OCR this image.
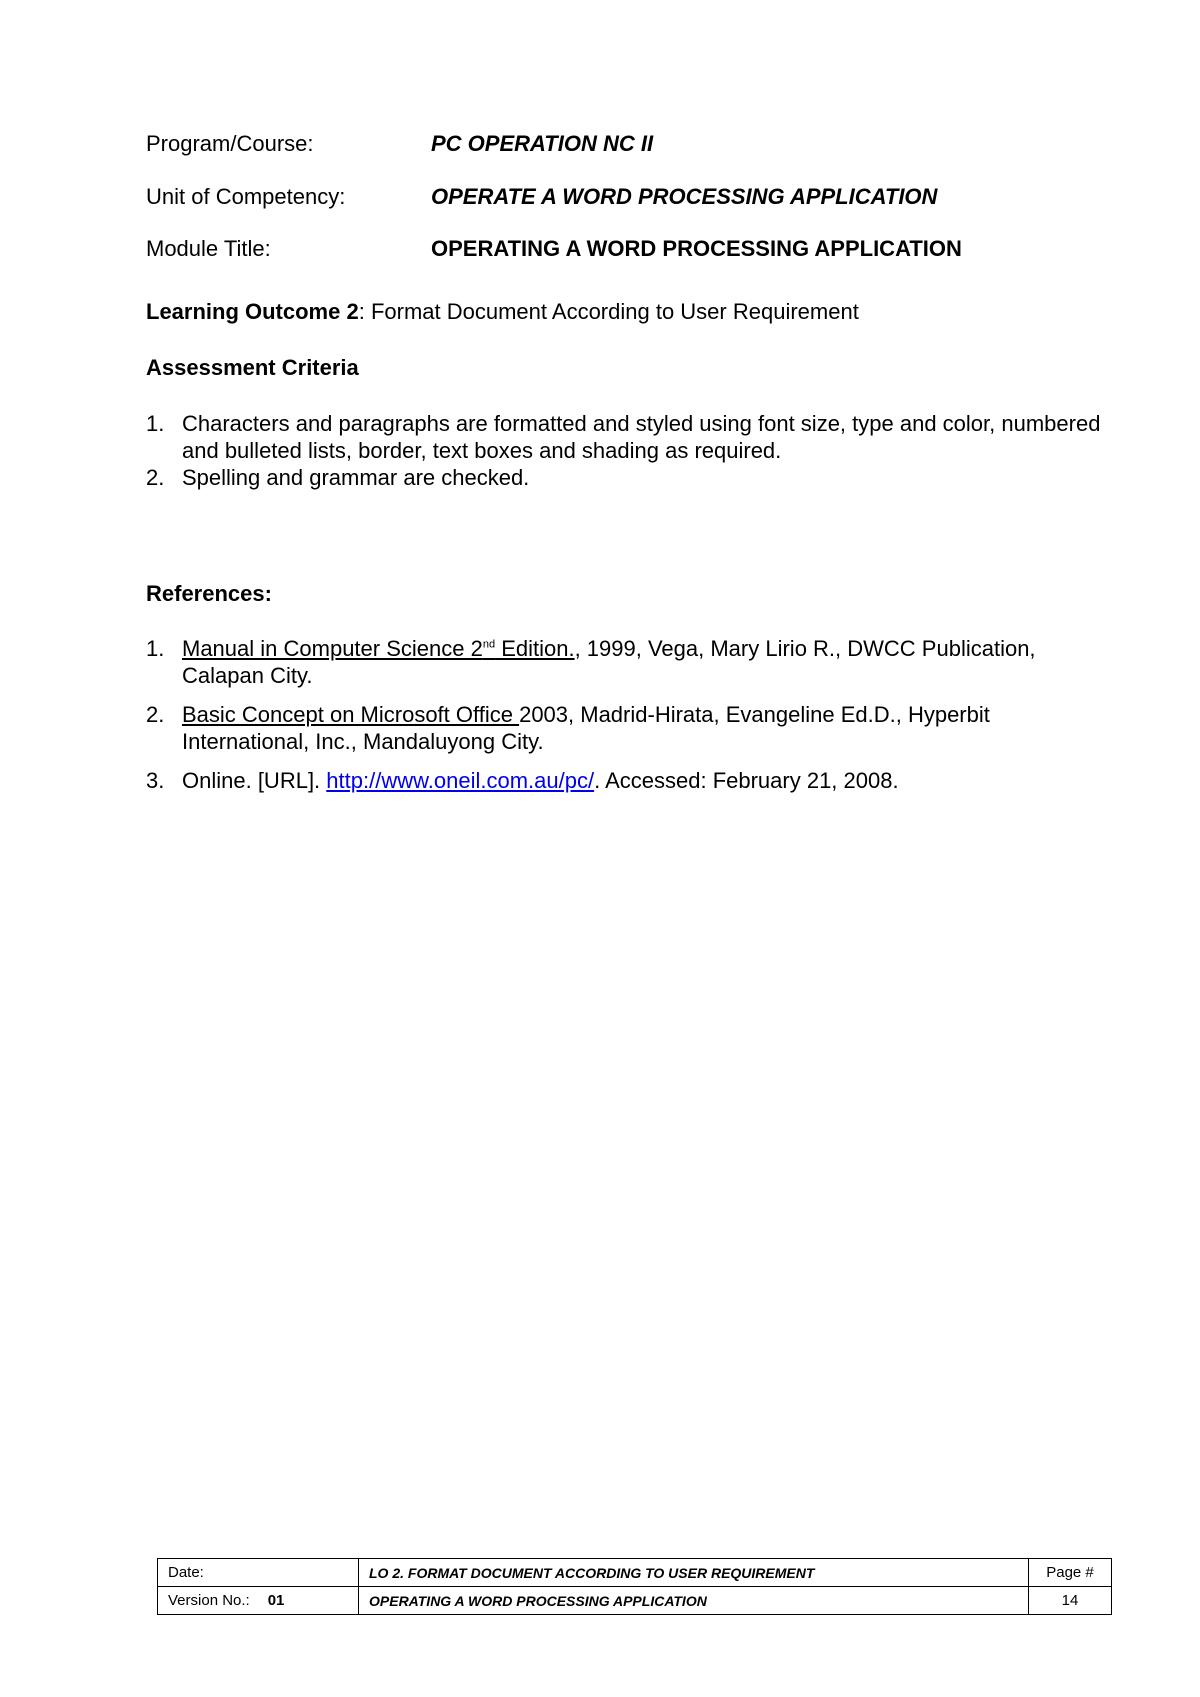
Program/Course:	PC OPERATION NC II
Unit of Competency:	OPERATE A WORD PROCESSING APPLICATION
Module Title:	OPERATING A WORD PROCESSING APPLICATION
Learning Outcome 2: Format Document According to User Requirement
Assessment Criteria
1. Characters and paragraphs are formatted and styled using font size, type and color, numbered and bulleted lists, border, text boxes and shading as required.
2. Spelling and grammar are checked.
References:
1. Manual in Computer Science 2nd Edition., 1999, Vega, Mary Lirio R., DWCC Publication, Calapan City.
2. Basic Concept on Microsoft Office 2003, Madrid-Hirata, Evangeline Ed.D., Hyperbit International, Inc., Mandaluyong City.
3. Online. [URL]. http://www.oneil.com.au/pc/. Accessed: February 21, 2008.
Date:	LO 2. FORMAT DOCUMENT ACCORDING TO USER REQUIREMENT	Page #
Version No.: 01	OPERATING A WORD PROCESSING APPLICATION	14
